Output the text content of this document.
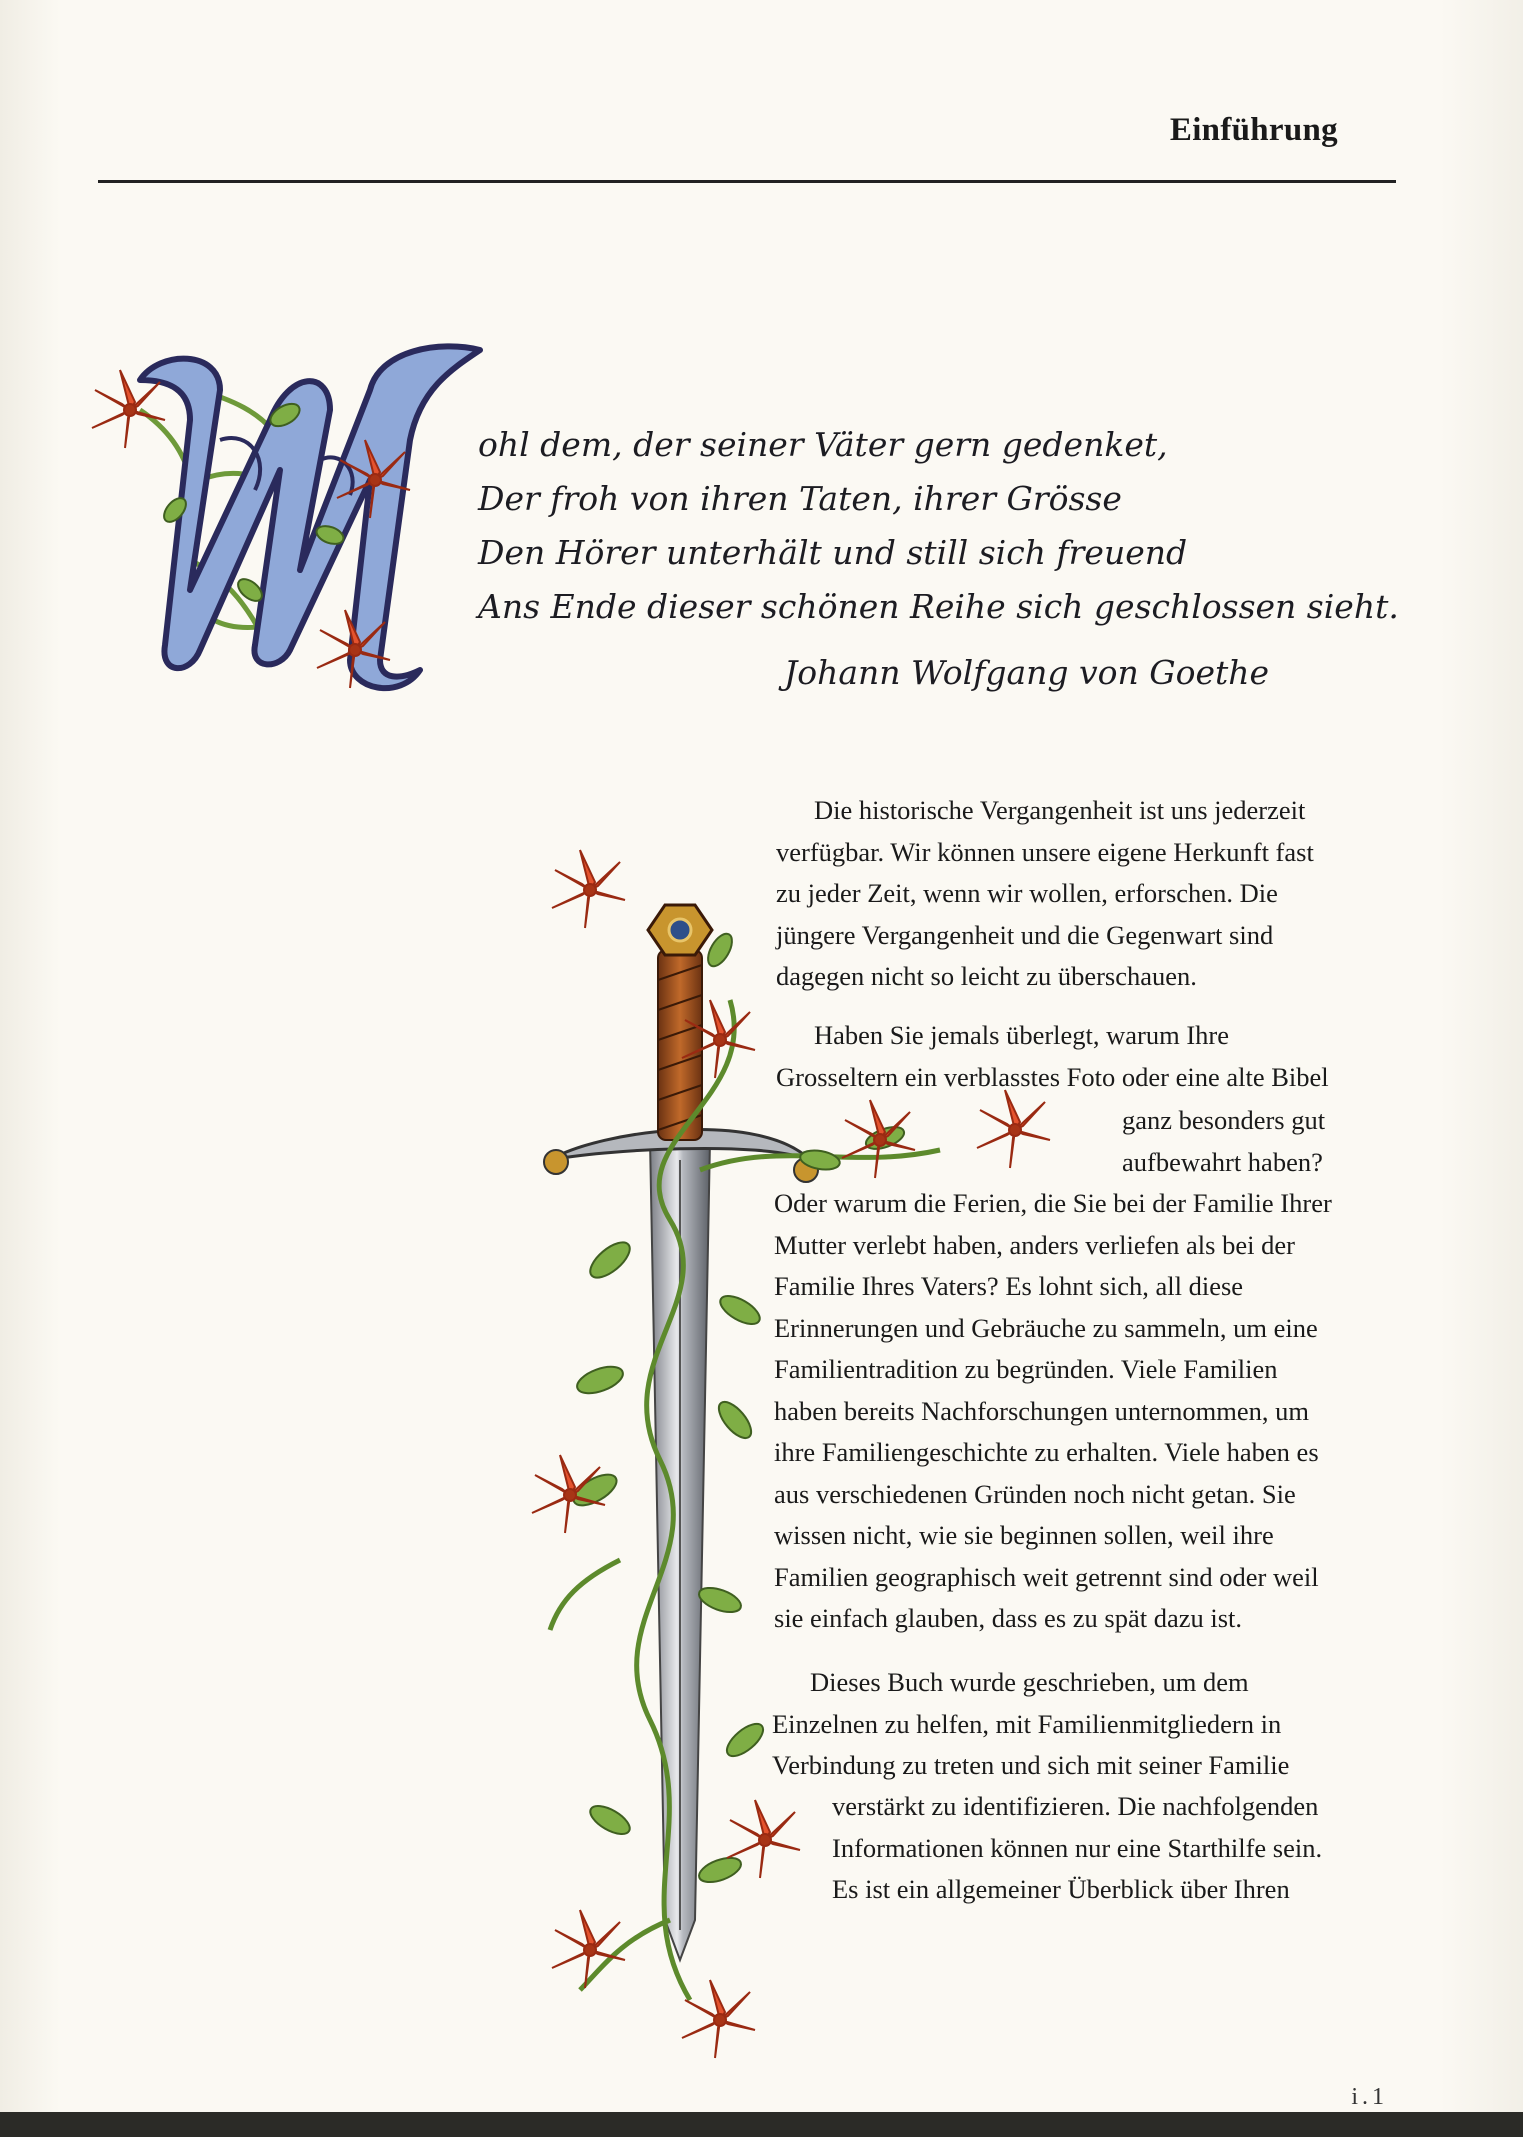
Einführung
ohl dem, der seiner Väter gern gedenket,
Der froh von ihren Taten, ihrer Grösse
Den Hörer unterhält und still sich freuend
Ans Ende dieser schönen Reihe sich geschlossen sieht.
Johann Wolfgang von Goethe
Die historische Vergangenheit ist uns jederzeit
verfügbar. Wir können unsere eigene Herkunft fast
zu jeder Zeit, wenn wir wollen, erforschen. Die
jüngere Vergangenheit und die Gegenwart sind
dagegen nicht so leicht zu überschauen.
Haben Sie jemals überlegt, warum Ihre
Grosseltern ein verblasstes Foto oder eine alte Bibel
ganz besonders gut
aufbewahrt haben?
Oder warum die Ferien, die Sie bei der Familie Ihrer
Mutter verlebt haben, anders verliefen als bei der
Familie Ihres Vaters? Es lohnt sich, all diese
Erinnerungen und Gebräuche zu sammeln, um eine
Familientradition zu begründen. Viele Familien
haben bereits Nachforschungen unternommen, um
ihre Familiengeschichte zu erhalten. Viele haben es
aus verschiedenen Gründen noch nicht getan. Sie
wissen nicht, wie sie beginnen sollen, weil ihre
Familien geographisch weit getrennt sind oder weil
sie einfach glauben, dass es zu spät dazu ist.
Dieses Buch wurde geschrieben, um dem
Einzelnen zu helfen, mit Familienmitgliedern in
Verbindung zu treten und sich mit seiner Familie
verstärkt zu identifizieren. Die nachfolgenden
Informationen können nur eine Starthilfe sein.
Es ist ein allgemeiner Überblick über Ihren
i.1
